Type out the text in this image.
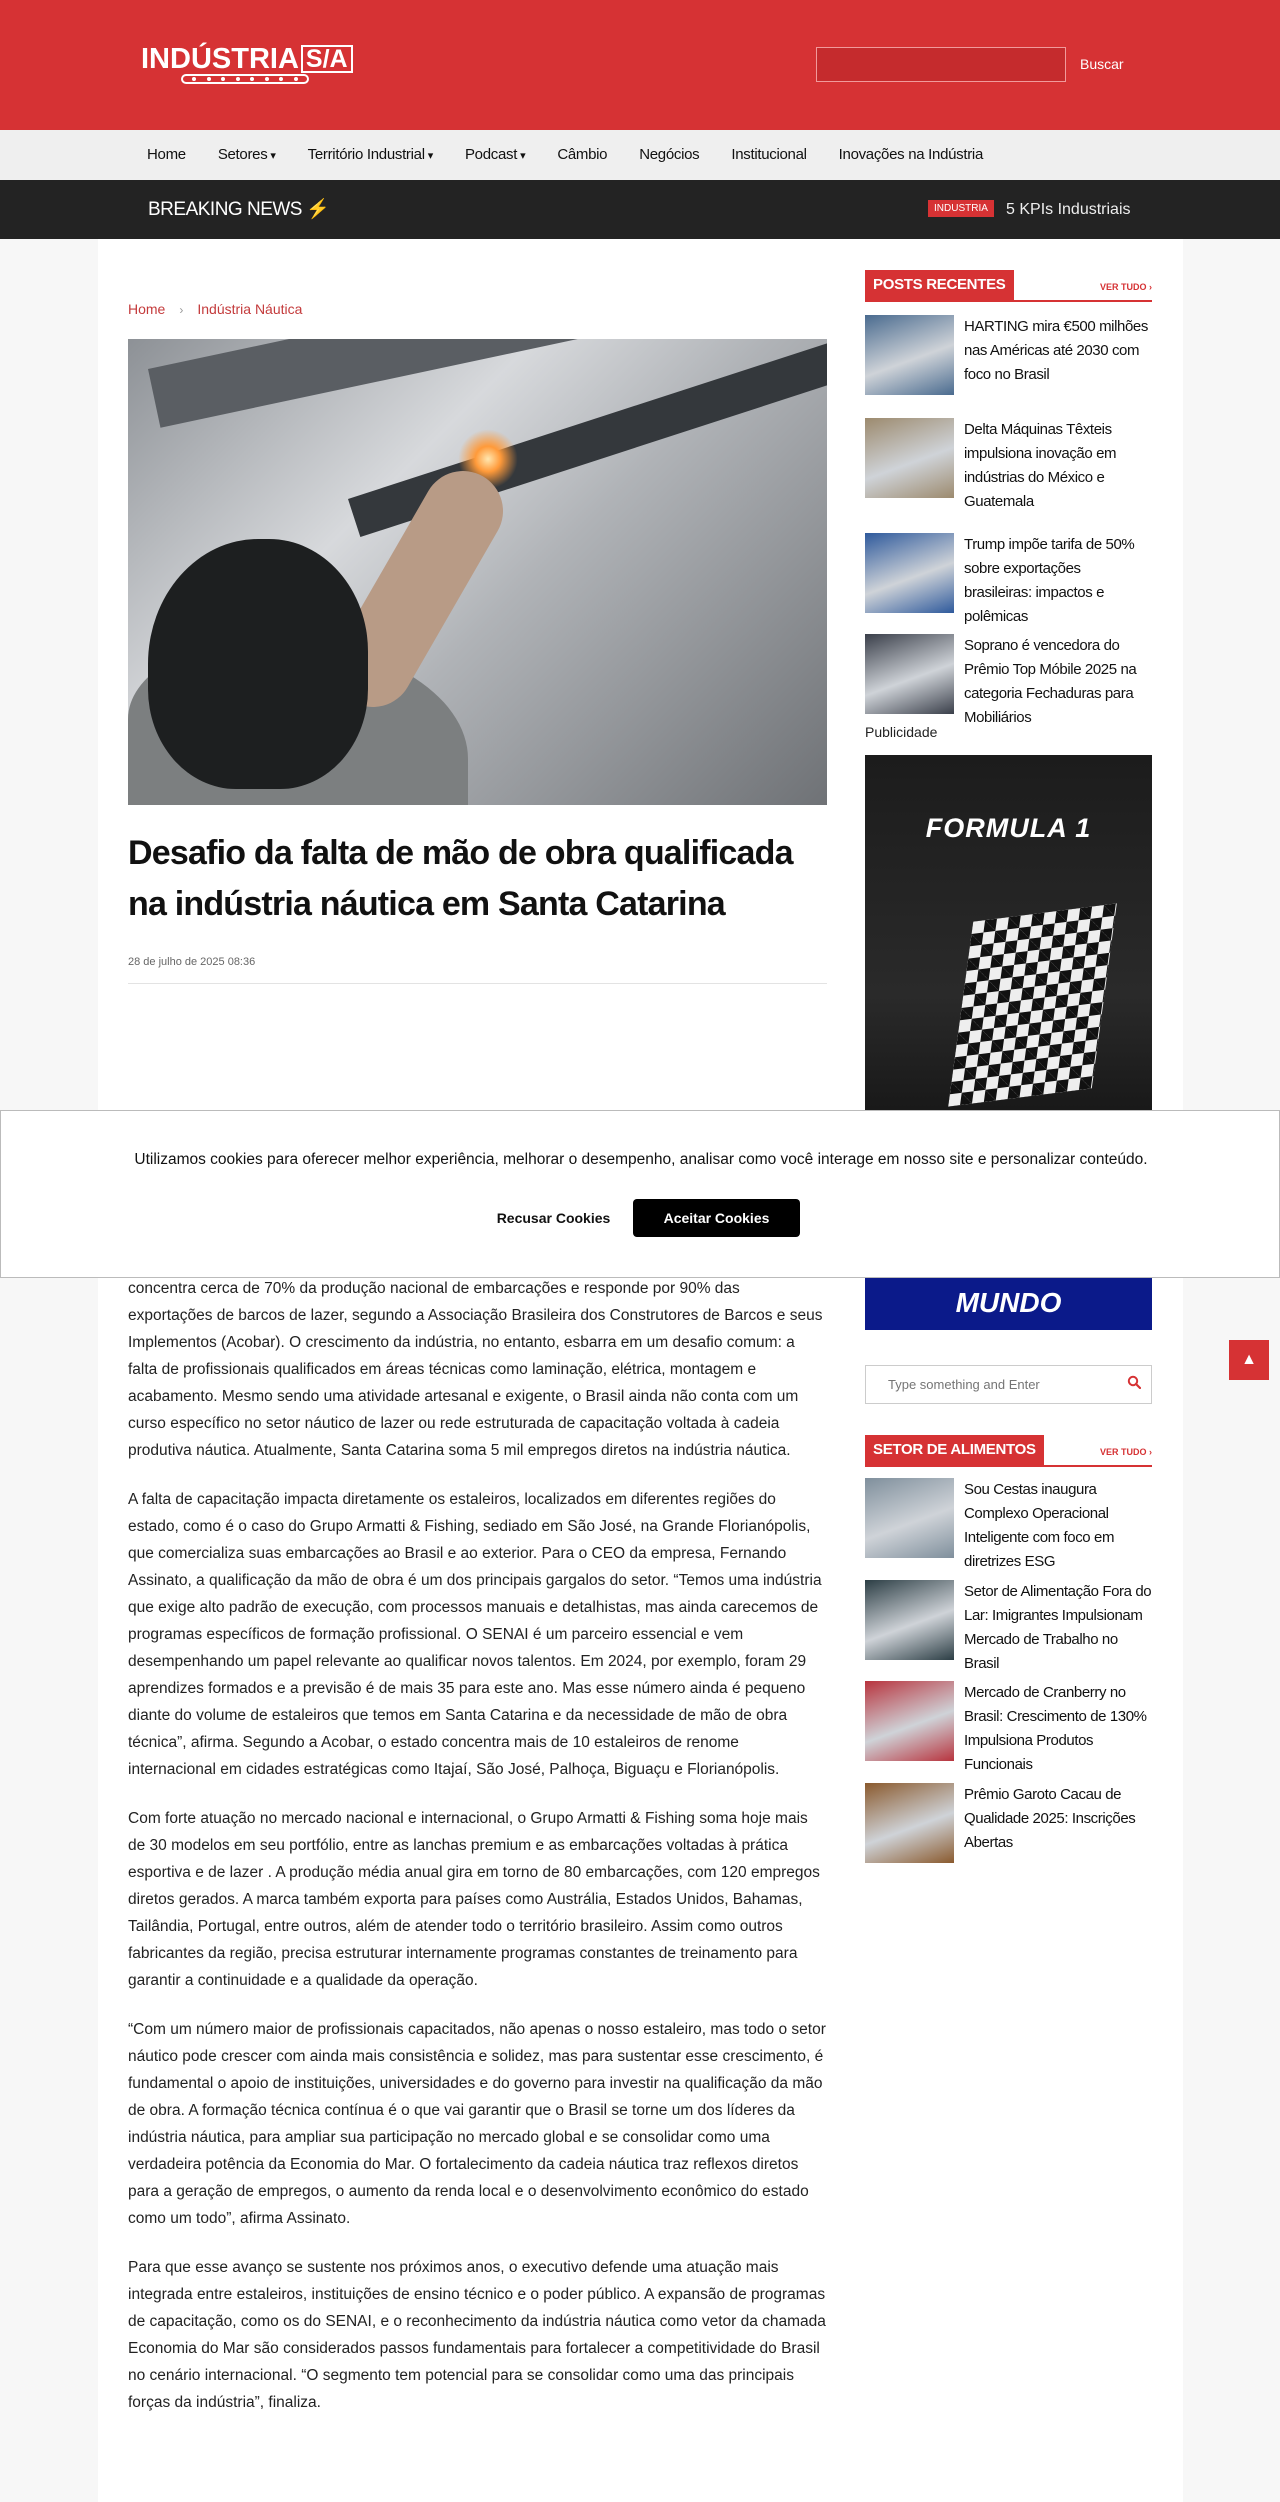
INDÚSTRIA S/A	Buscar
Home	Setores ▾	Território Industrial ▾	Podcast ▾	Câmbio	Negócios	Institucional	Inovações na Indústria
BREAKING NEWS ⚡	INDUSTRIA	5 KPIs Industriais
Home › Indústria Náutica
Desafio da falta de mão de obra qualificada na indústria náutica em Santa Catarina
28 de julho de 2025 08:36

concentra cerca de 70% da produção nacional de embarcações e responde por 90% das exportações de barcos de lazer, segundo a Associação Brasileira dos Construtores de Barcos e seus Implementos (Acobar). O crescimento da indústria, no entanto, esbarra em um desafio comum: a falta de profissionais qualificados em áreas técnicas como laminação, elétrica, montagem e acabamento. Mesmo sendo uma atividade artesanal e exigente, o Brasil ainda não conta com um curso específico no setor náutico de lazer ou rede estruturada de capacitação voltada à cadeia produtiva náutica. Atualmente, Santa Catarina soma 5 mil empregos diretos na indústria náutica.

A falta de capacitação impacta diretamente os estaleiros, localizados em diferentes regiões do estado, como é o caso do Grupo Armatti & Fishing, sediado em São José, na Grande Florianópolis, que comercializa suas embarcações ao Brasil e ao exterior. Para o CEO da empresa, Fernando Assinato, a qualificação da mão de obra é um dos principais gargalos do setor. “Temos uma indústria que exige alto padrão de execução, com processos manuais e detalhistas, mas ainda carecemos de programas específicos de formação profissional. O SENAI é um parceiro essencial e vem desempenhando um papel relevante ao qualificar novos talentos. Em 2024, por exemplo, foram 29 aprendizes formados e a previsão é de mais 35 para este ano. Mas esse número ainda é pequeno diante do volume de estaleiros que temos em Santa Catarina e da necessidade de mão de obra técnica”, afirma. Segundo a Acobar, o estado concentra mais de 10 estaleiros de renome internacional em cidades estratégicas como Itajaí, São José, Palhoça, Biguaçu e Florianópolis.

Com forte atuação no mercado nacional e internacional, o Grupo Armatti & Fishing soma hoje mais de 30 modelos em seu portfólio, entre as lanchas premium e as embarcações voltadas à prática esportiva e de lazer . A produção média anual gira em torno de 80 embarcações, com 120 empregos diretos gerados. A marca também exporta para países como Austrália, Estados Unidos, Bahamas, Tailândia, Portugal, entre outros, além de atender todo o território brasileiro. Assim como outros fabricantes da região, precisa estruturar internamente programas constantes de treinamento para garantir a continuidade e a qualidade da operação.

“Com um número maior de profissionais capacitados, não apenas o nosso estaleiro, mas todo o setor náutico pode crescer com ainda mais consistência e solidez, mas para sustentar esse crescimento, é fundamental o apoio de instituições, universidades e do governo para investir na qualificação da mão de obra. A formação técnica contínua é o que vai garantir que o Brasil se torne um dos líderes da indústria náutica, para ampliar sua participação no mercado global e se consolidar como uma verdadeira potência da Economia do Mar. O fortalecimento da cadeia náutica traz reflexos diretos para a geração de empregos, o aumento da renda local e o desenvolvimento econômico do estado como um todo”, afirma Assinato.

Para que esse avanço se sustente nos próximos anos, o executivo defende uma atuação mais integrada entre estaleiros, instituições de ensino técnico e o poder público. A expansão de programas de capacitação, como os do SENAI, e o reconhecimento da indústria náutica como vetor da chamada Economia do Mar são considerados passos fundamentais para fortalecer a competitividade do Brasil no cenário internacional. “O segmento tem potencial para se consolidar como uma das principais forças da indústria”, finaliza.

POSTS RECENTES	VER TUDO ›
HARTING mira €500 milhões nas Américas até 2030 com foco no Brasil
Delta Máquinas Têxteis impulsiona inovação em indústrias do México e Guatemala
Trump impõe tarifa de 50% sobre exportações brasileiras: impactos e polêmicas
Soprano é vencedora do Prêmio Top Móbile 2025 na categoria Fechaduras para Mobiliários
Publicidade
FORMULA 1
MUNDO
Type something and Enter
▲
SETOR DE ALIMENTOS	VER TUDO ›
Sou Cestas inaugura Complexo Operacional Inteligente com foco em diretrizes ESG
Setor de Alimentação Fora do Lar: Imigrantes Impulsionam Mercado de Trabalho no Brasil
Mercado de Cranberry no Brasil: Crescimento de 130% Impulsiona Produtos Funcionais
Prêmio Garoto Cacau de Qualidade 2025: Inscrições Abertas
Utilizamos cookies para oferecer melhor experiência, melhorar o desempenho, analisar como você interage em nosso site e personalizar conteúdo.
Recusar Cookies	Aceitar Cookies
